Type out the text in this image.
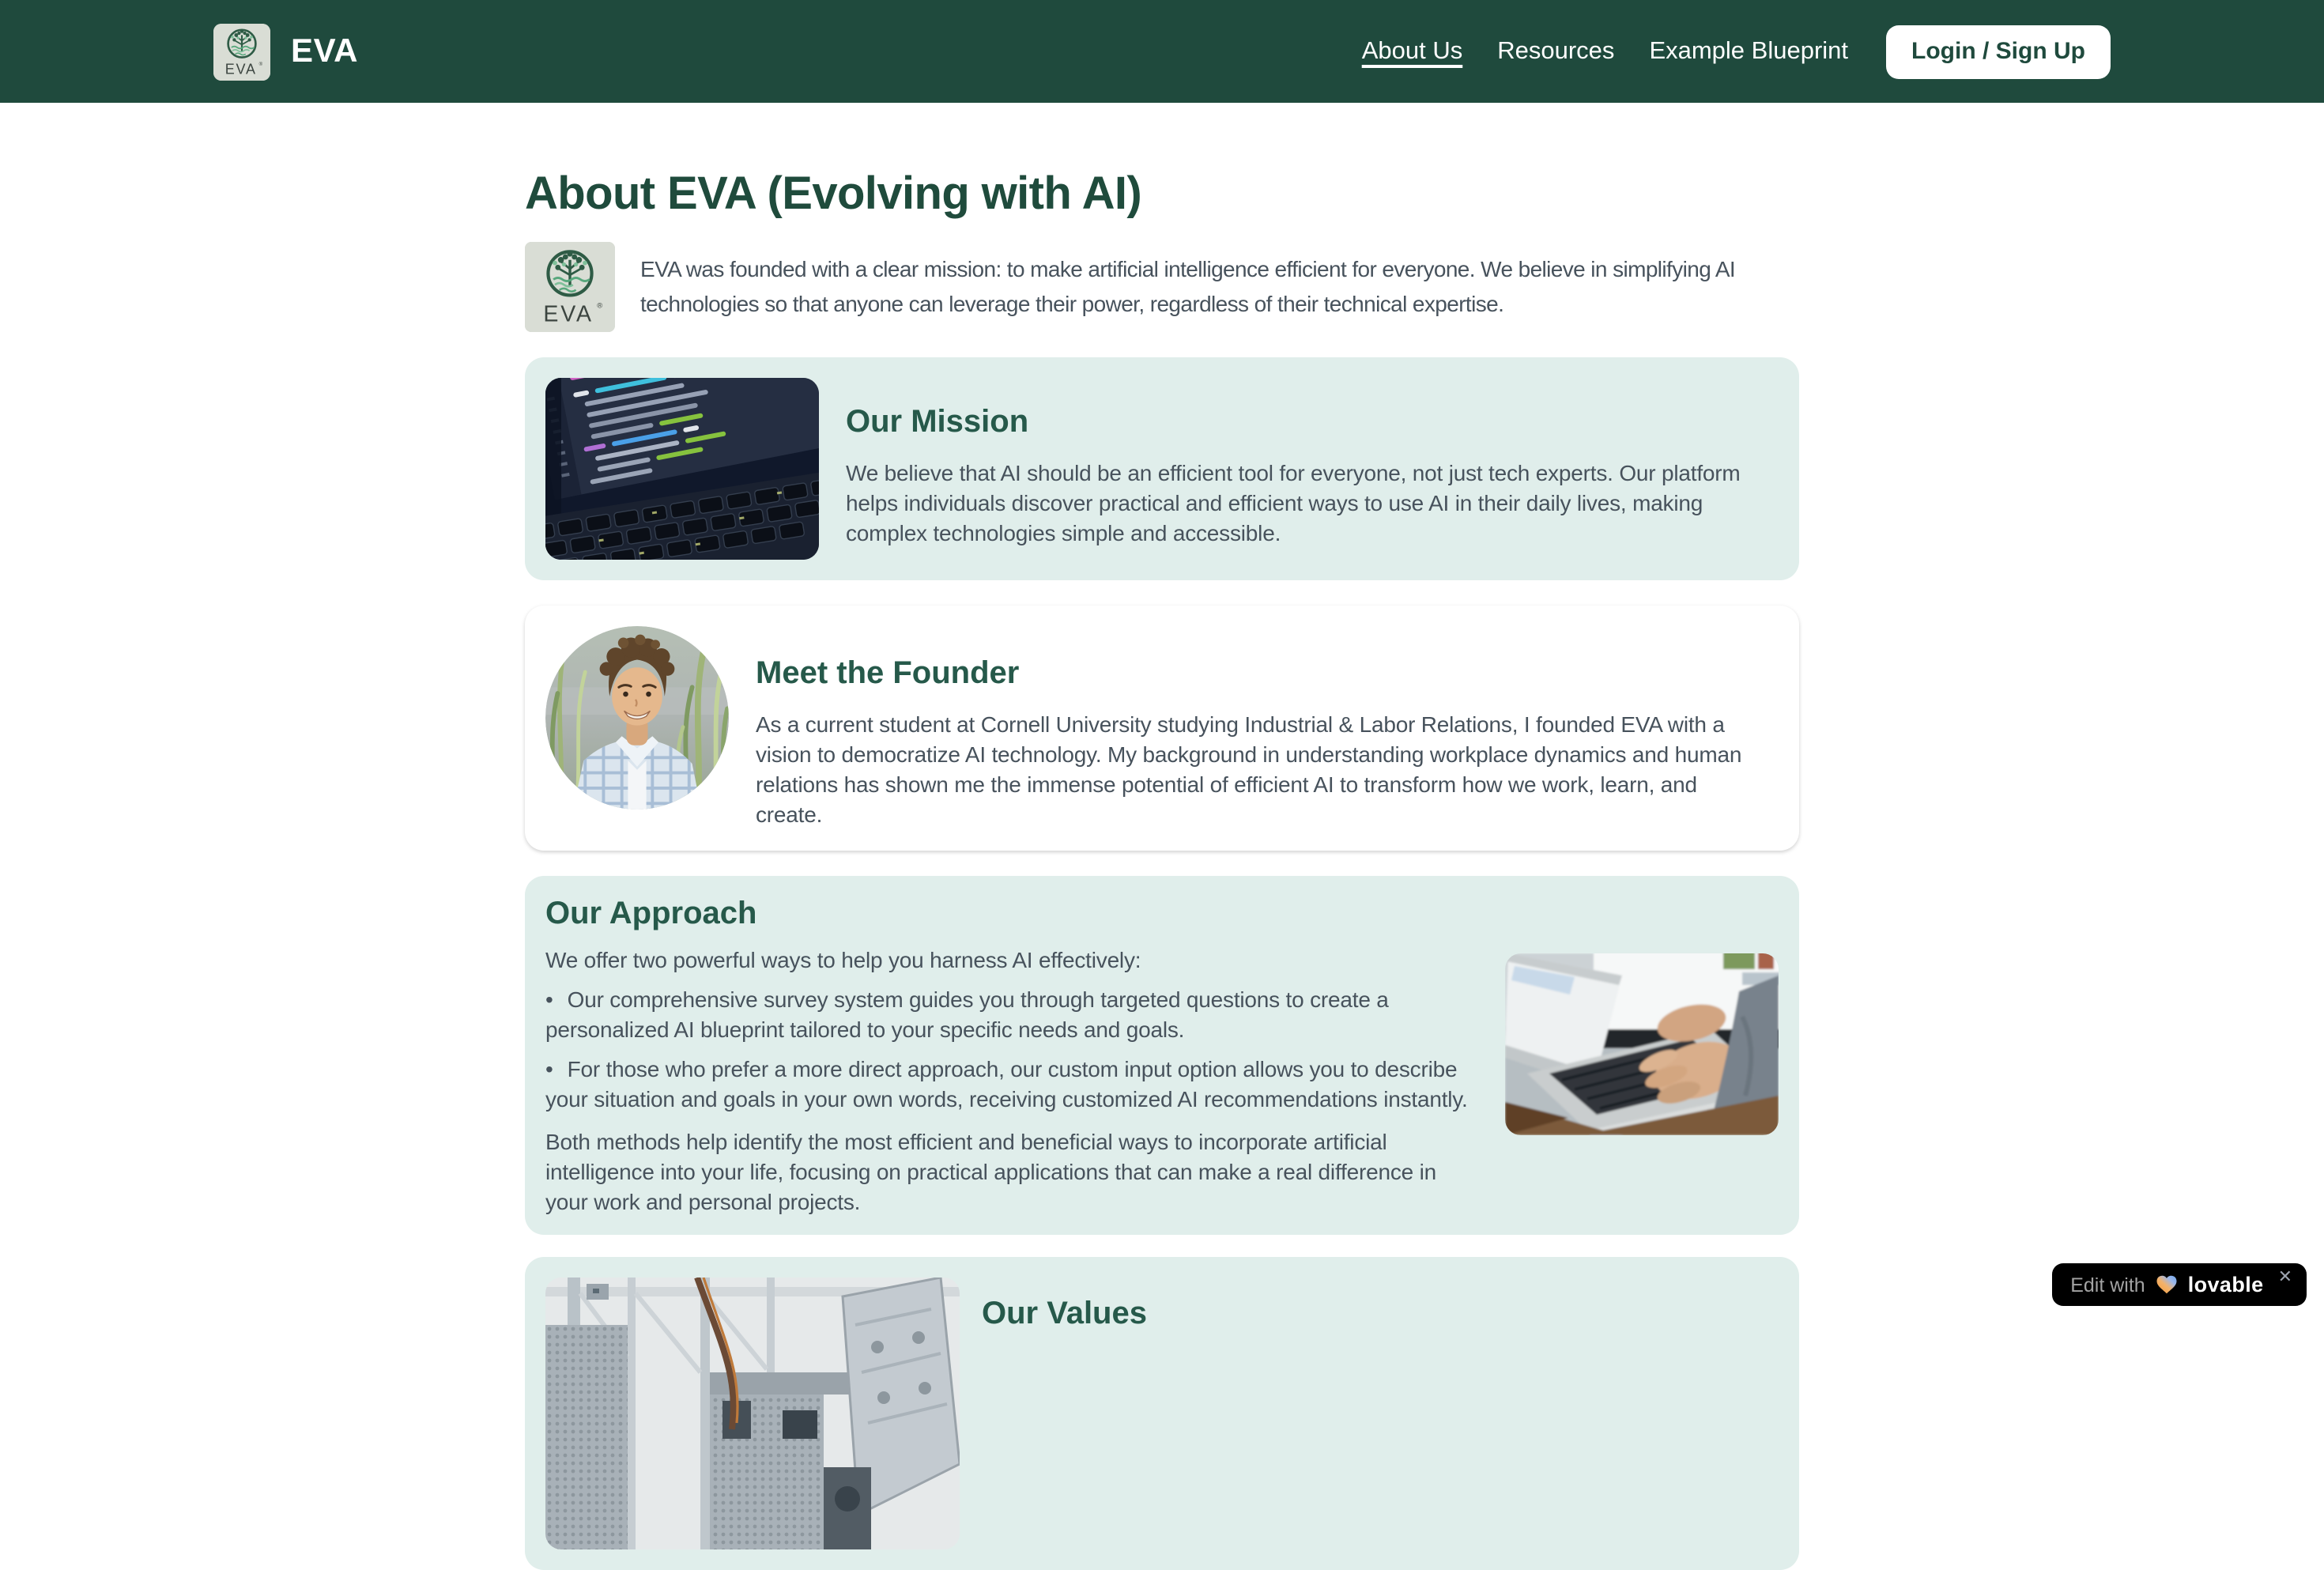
EVA ® EVA	About Us	Resources	Example Blueprint	Login / Sign Up
About EVA (Evolving with AI)
EVA ®

EVA was founded with a clear mission: to make artificial intelligence efficient for everyone. We believe in simplifying AI technologies so that anyone can leverage their power, regardless of their technical expertise.

Our Mission

We believe that AI should be an efficient tool for everyone, not just tech experts. Our platform helps individuals discover practical and efficient ways to use AI in their daily lives, making complex technologies simple and accessible.

Meet the Founder

As a current student at Cornell University studying Industrial & Labor Relations, I founded EVA with a vision to democratize AI technology. My background in understanding workplace dynamics and human relations has shown me the immense potential of efficient AI to transform how we work, learn, and create.

Our Approach

We offer two powerful ways to help you harness AI effectively:

• Our comprehensive survey system guides you through targeted questions to create a personalized AI blueprint tailored to your specific needs and goals.

• For those who prefer a more direct approach, our custom input option allows you to describe your situation and goals in your own words, receiving customized AI recommendations instantly.

Both methods help identify the most efficient and beneficial ways to incorporate artificial intelligence into your life, focusing on practical applications that can make a real difference in your work and personal projects.

Our Values
Edit with	lovable ✕
